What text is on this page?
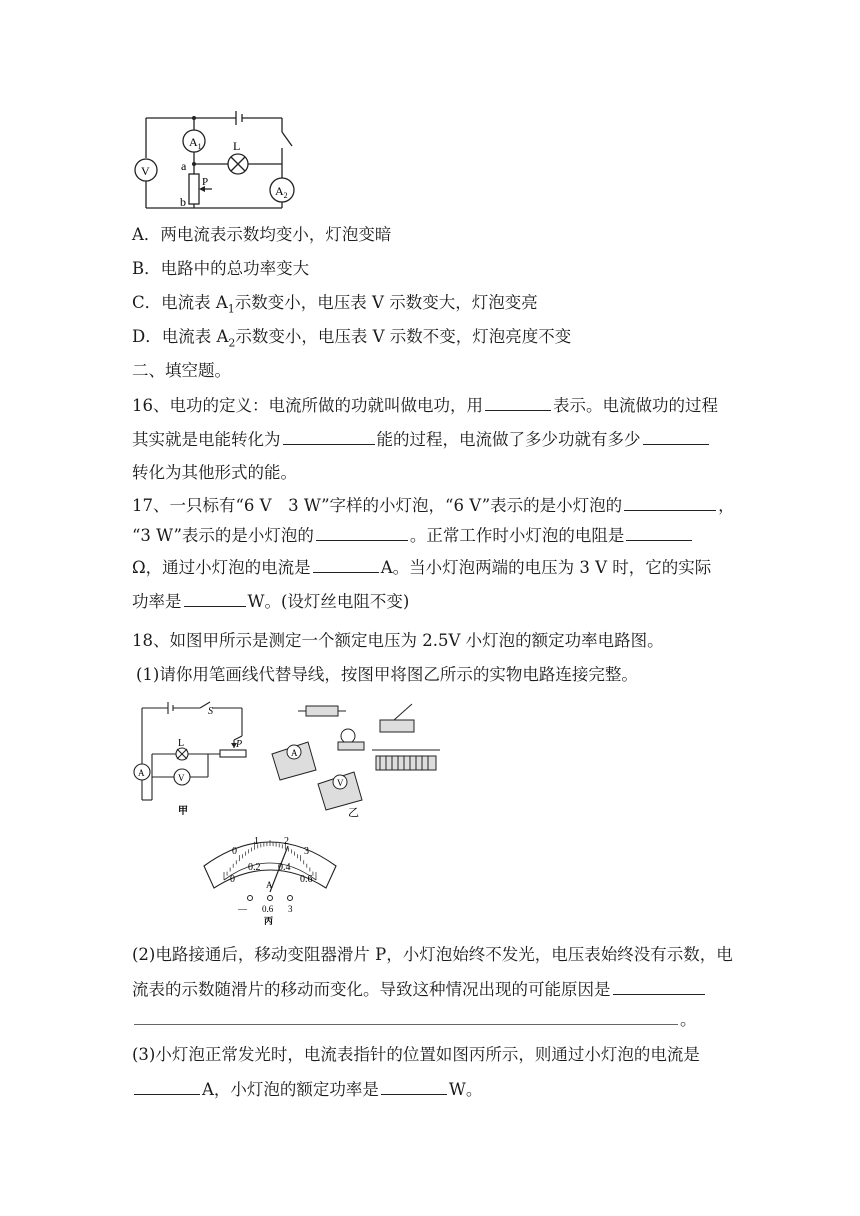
$A_1$
$A_2$
V
L
a
b
P
A．两电流表示数均变小，灯泡变暗
B．电路中的总功率变大
C．电流表 $A_1$示数变小，电压表 V 示数变大，灯泡变亮
D．电流表 $A_2$示数变小，电压表 V 示数不变，灯泡亮度不变
二、填空题。
16、电功的定义：电流所做的功就叫做电功，用	表示。电流做功的过程
其实就是电能转化为	能的过程，电流做了多少功就有多少
转化为其他形式的能。
17、一只标有“6 V　3 W”字样的小灯泡，“6 V”表示的是小灯泡的	，
“3 W”表示的是小灯泡的	。正常工作时小灯泡的电阻是
Ω，通过小灯泡的电流是	A。当小灯泡两端的电压为 3 V 时，它的实际
功率是	W。(设灯丝电阻不变)
18、如图甲所示是测定一个额定电压为 2.5V 小灯泡的额定功率电路图。
(1)请你用笔画线代替导线，按图甲将图乙所示的实物电路连接完整。
S
L	P
A	V
甲
A
V
乙
0
1	2
3
0
0.2 0.4
0.6
A
— 0.6 3
丙
(2)电路接通后，移动变阻器滑片 P，小灯泡始终不发光，电压表始终没有示数，电
流表的示数随滑片的移动而变化。导致这种情况出现的可能原因是
。
(3)小灯泡正常发光时，电流表指针的位置如图丙所示，则通过小灯泡的电流是
A，小灯泡的额定功率是	W。
